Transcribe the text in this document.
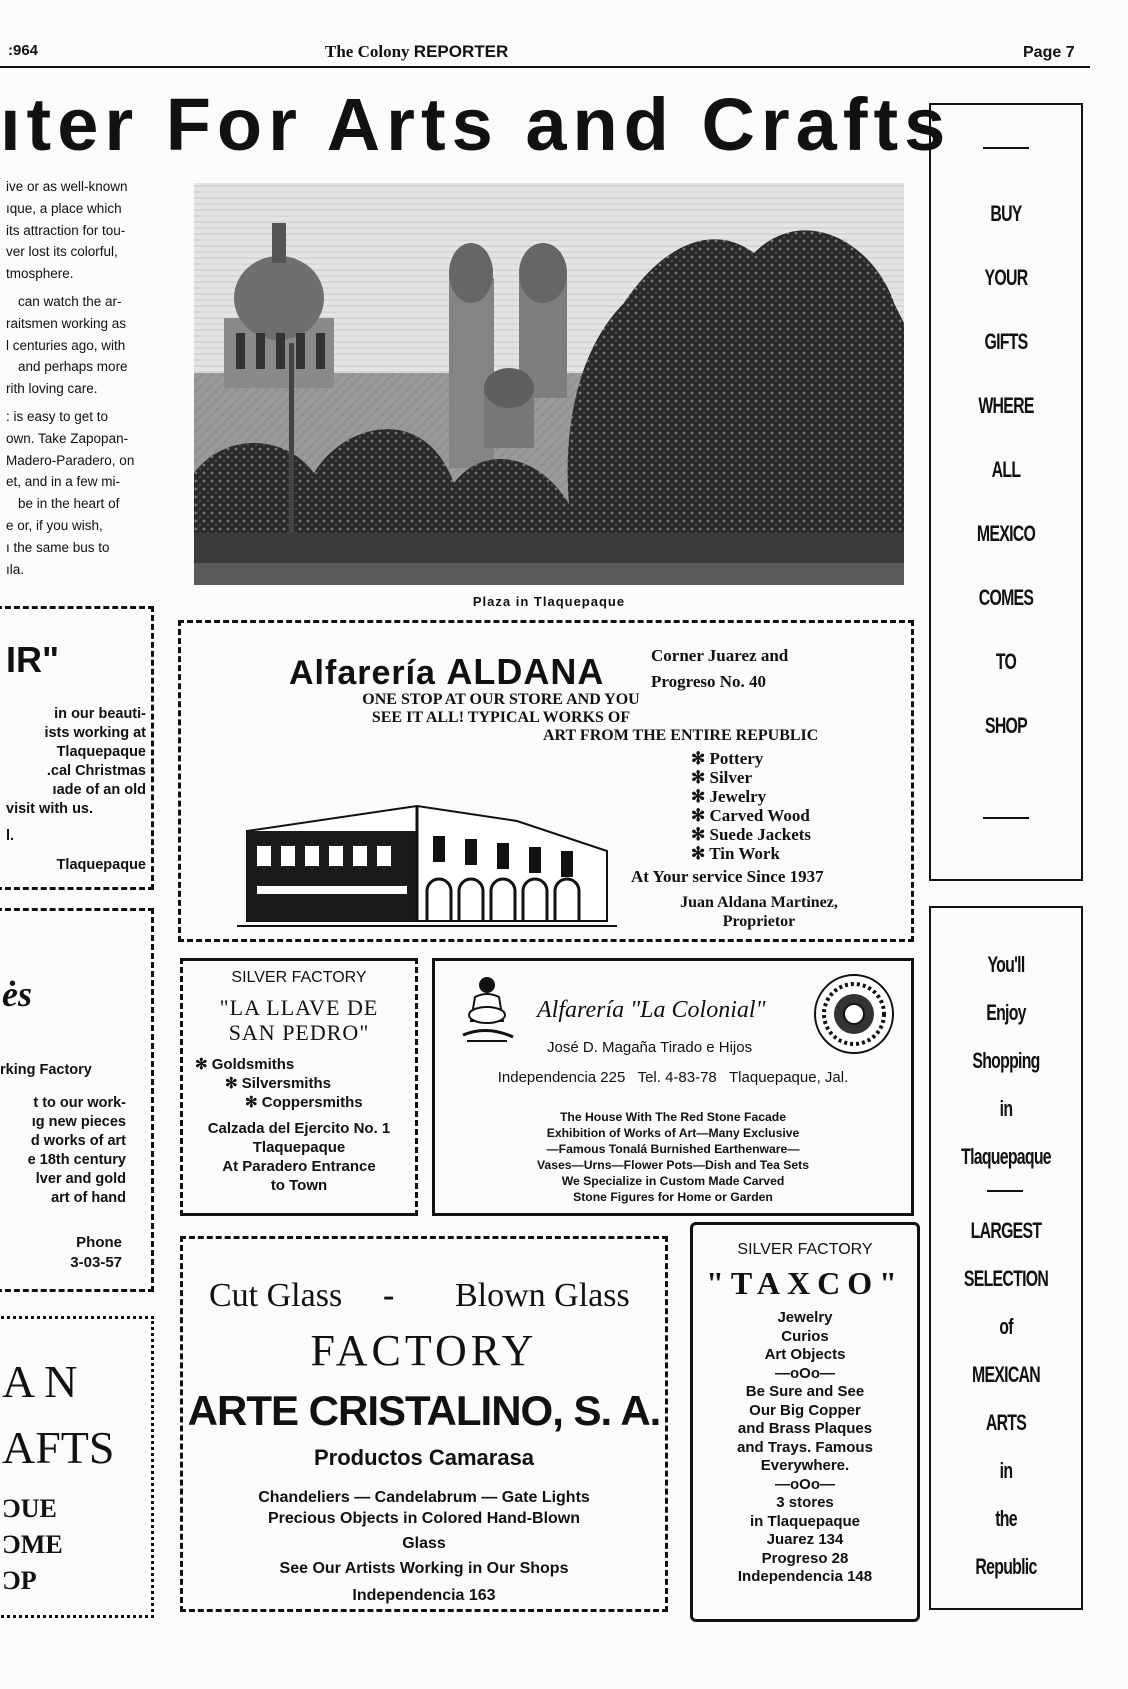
:964	The Colony REPORTER	Page 7
ıter For Arts and Crafts
ive or as well-known
ıque, a place which
its attraction for tou-
ver lost its colorful,
tmosphere.
can watch the ar-
raitsmen working as
l centuries ago, with
and perhaps more
rith loving care.
: is easy to get to
own. Take Zapopan-
Madero-Paradero, on
et, and in a few mi-
be in the heart of
e or, if you wish,
ı the same bus to
ıla.
Plaza in Tlaquepaque
BUY
YOUR
GIFTS
WHERE
ALL
MEXICO
COMES
TO
SHOP
You'll
Enjoy
Shopping
in
Tlaquepaque
LARGEST
SELECTION
of
MEXICAN
ARTS
in
the
Republic
IR"
in our beauti-
ists working at
Tlaquepaque
.cal Christmas
ıade of an old
visit with us.
l.
Tlaquepaque
ės
rking Factory
t to our work-
ıg new pieces
d works of art
e 18th century
lver and gold
art of hand
Phone
3-03-57
A N
AFTS
ƆUE
ƆME
ƆP
Alfarería ALDANA	Corner Juarez and
Progreso No. 40
ONE STOP AT OUR STORE AND YOU
SEE IT ALL! TYPICAL WORKS OF
ART FROM THE ENTIRE REPUBLIC
✻ Pottery
✻ Silver
✻ Jewelry
✻ Carved Wood
✻ Suede Jackets
✻ Tin Work
At Your service Since 1937
Juan Aldana Martinez,
Proprietor
SILVER FACTORY
"LA LLAVE DE
SAN PEDRO"
✻ Goldsmiths
✻ Silversmiths
✻ Coppersmiths
Calzada del Ejercito No. 1
Tlaquepaque
At Paradero Entrance
to Town
Alfarería "La Colonial"
José D. Magaña Tirado e Hijos
Independencia 225   Tel. 4-83-78   Tlaquepaque, Jal.
The House With The Red Stone Facade
Exhibition of Works of Art—Many Exclusive
—Famous Tonalá Burnished Earthenware—
Vases—Urns—Flower Pots—Dish and Tea Sets
We Specialize in Custom Made Carved
Stone Figures for Home or Garden
Cut Glass - Blown Glass
FACTORY
ARTE CRISTALINO, S. A.
Productos Camarasa
Chandeliers — Candelabrum — Gate Lights
Precious Objects in Colored Hand-Blown
Glass
See Our Artists Working in Our Shops
Independencia 163
SILVER FACTORY
"TAXCO"
Jewelry
Curios
Art Objects
—oOo—
Be Sure and See
Our Big Copper
and Brass Plaques
and Trays. Famous
Everywhere.
—oOo—
3 stores
in Tlaquepaque
Juarez 134
Progreso 28
Independencia 148
